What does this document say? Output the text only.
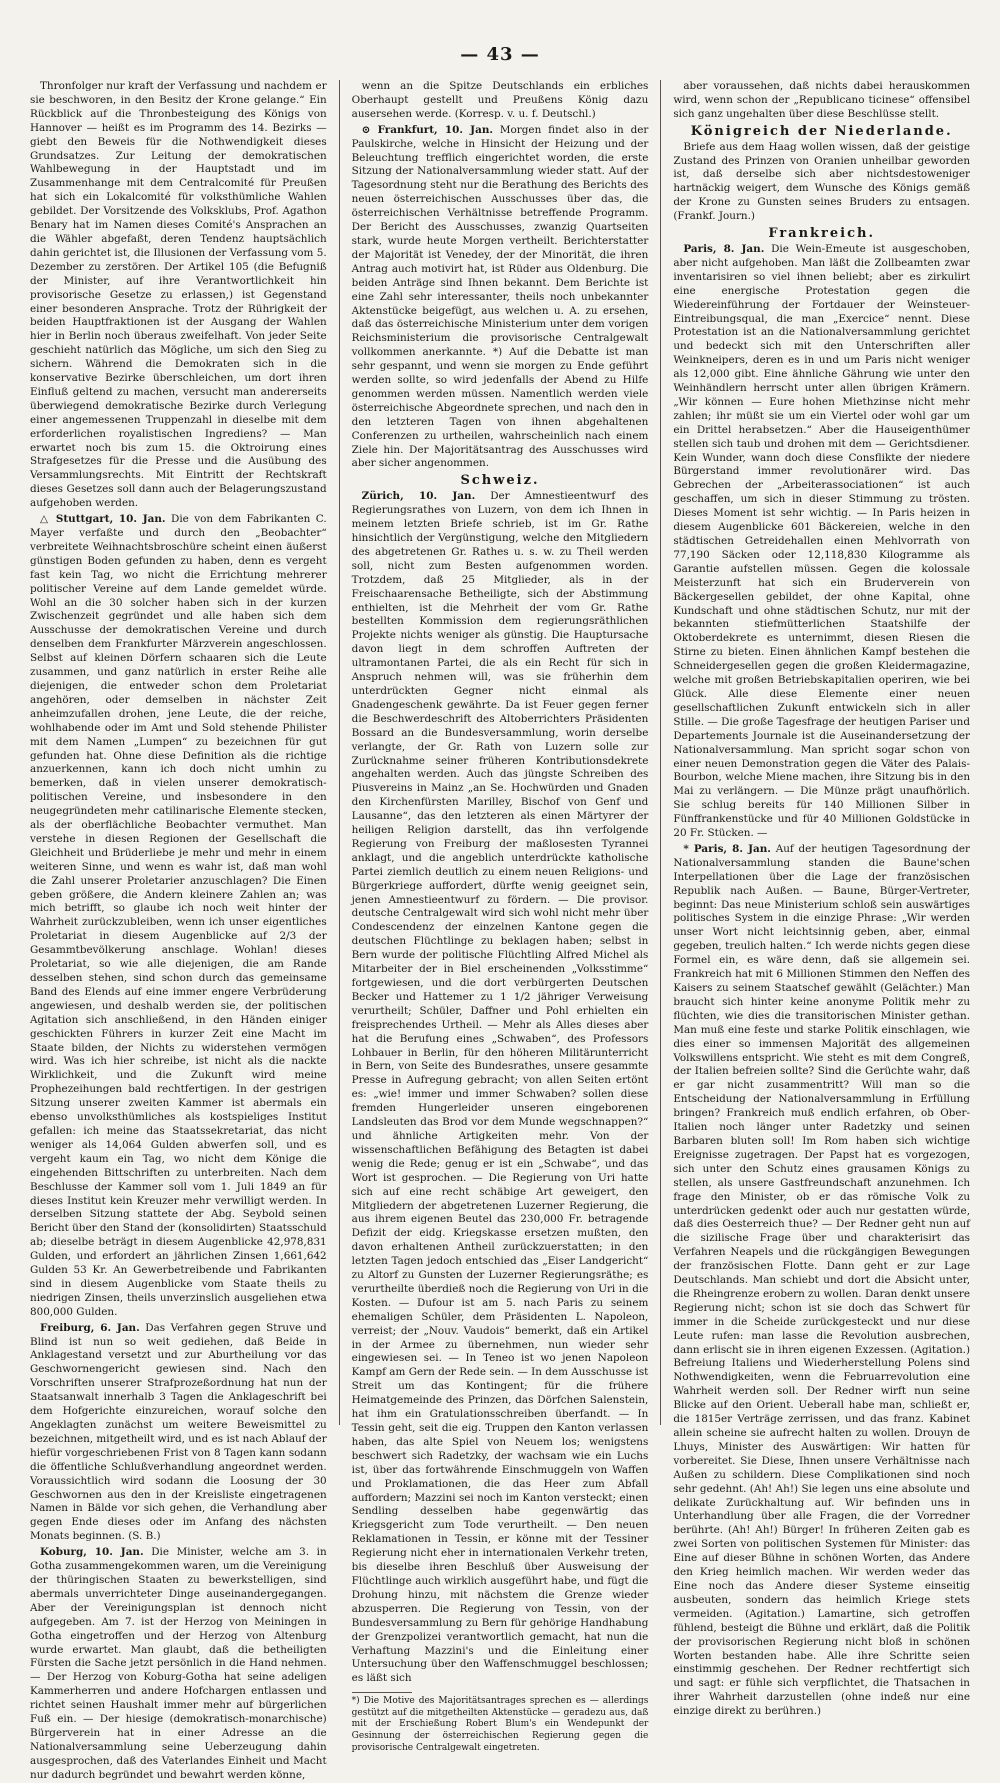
— 43 —

Thronfolger nur kraft der Verfassung und nachdem er sie beschworen, in den Besitz der Krone gelange.“ Ein Rückblick auf die Thronbesteigung des Königs von Hannover — heißt es im Programm des 14. Bezirks — giebt den Beweis für die Nothwendigkeit dieses Grundsatzes. Zur Leitung der demokratischen Wahlbewegung in der Hauptstadt und im Zusammenhange mit dem Centralcomité für Preußen hat sich ein Lokalcomité für volksthümliche Wahlen gebildet. Der Vorsitzende des Volksklubs, Prof. Agathon Benary hat im Namen dieses Comité's Ansprachen an die Wähler abgefaßt, deren Tendenz hauptsächlich dahin gerichtet ist, die Illusionen der Verfassung vom 5. Dezember zu zerstören. Der Artikel 105 (die Befugniß der Minister, auf ihre Verantwortlichkeit hin provisorische Gesetze zu erlassen,) ist Gegenstand einer besonderen Ansprache. Trotz der Rührigkeit der beiden Hauptfraktionen ist der Ausgang der Wahlen hier in Berlin noch überaus zweifelhaft. Von jeder Seite geschieht natürlich das Mögliche, um sich den Sieg zu sichern. Während die Demokraten sich in die konservative Bezirke überschleichen, um dort ihren Einfluß geltend zu machen, versucht man andererseits überwiegend demokratische Bezirke durch Verlegung einer angemessenen Truppenzahl in dieselbe mit dem erforderlichen royalistischen Ingrediens? — Man erwartet noch bis zum 15. die Oktroirung eines Strafgesetzes für die Presse und die Ausübung des Versammlungsrechts. Mit Eintritt der Rechtskraft dieses Gesetzes soll dann auch der Belagerungszustand aufgehoben werden.

△ Stuttgart, 10. Jan. Die von dem Fabrikanten C. Mayer verfaßte und durch den „Beobachter“ verbreitete Weihnachtsbroschüre scheint einen äußerst günstigen Boden gefunden zu haben, denn es vergeht fast kein Tag, wo nicht die Errichtung mehrerer politischer Vereine auf dem Lande gemeldet würde. Wohl an die 30 solcher haben sich in der kurzen Zwischenzeit gegründet und alle haben sich dem Ausschusse der demokratischen Vereine und durch denselben dem Frankfurter Märzverein angeschlossen. Selbst auf kleinen Dörfern schaaren sich die Leute zusammen, und ganz natürlich in erster Reihe alle diejenigen, die entweder schon dem Proletariat angehören, oder demselben in nächster Zeit anheimzufallen drohen, jene Leute, die der reiche, wohlhabende oder im Amt und Sold stehende Philister mit dem Namen „Lumpen“ zu bezeichnen für gut gefunden hat. Ohne diese Definition als die richtige anzuerkennen, kann ich doch nicht umhin zu bemerken, daß in vielen unserer demokratisch-politischen Vereine, und insbesondere in den neugegründeten mehr catilinarische Elemente stecken, als der oberflächliche Beobachter vermuthet. Man verstehe in diesen Regionen der Gesellschaft die Gleichheit und Brüderliebe je mehr und mehr in einem weiteren Sinne, und wenn es wahr ist, daß man wohl die Zahl unserer Proletarier anzuschlagen? Die Einen geben größere, die Andern kleinere Zahlen an; was mich betrifft, so glaube ich noch weit hinter der Wahrheit zurückzubleiben, wenn ich unser eigentliches Proletariat in diesem Augenblicke auf 2/3 der Gesammtbevölkerung anschlage. Wohlan! dieses Proletariat, so wie alle diejenigen, die am Rande desselben stehen, sind schon durch das gemeinsame Band des Elends auf eine immer engere Verbrüderung angewiesen, und deshalb werden sie, der politischen Agitation sich anschließend, in den Händen einiger geschickten Führers in kurzer Zeit eine Macht im Staate bilden, der Nichts zu widerstehen vermögen wird. Was ich hier schreibe, ist nicht als die nackte Wirklichkeit, und die Zukunft wird meine Prophezeihungen bald rechtfertigen. In der gestrigen Sitzung unserer zweiten Kammer ist abermals ein ebenso unvolksthümliches als kostspieliges Institut gefallen: ich meine das Staatssekretariat, das nicht weniger als 14,064 Gulden abwerfen soll, und es vergeht kaum ein Tag, wo nicht dem Könige die eingehenden Bittschriften zu unterbreiten. Nach dem Beschlusse der Kammer soll vom 1. Juli 1849 an für dieses Institut kein Kreuzer mehr verwilligt werden. In derselben Sitzung stattete der Abg. Seybold seinen Bericht über den Stand der (konsolidirten) Staatsschuld ab; dieselbe beträgt in diesem Augenblicke 42,978,831 Gulden, und erfordert an jährlichen Zinsen 1,661,642 Gulden 53 Kr. An Gewerbetreibende und Fabrikanten sind in diesem Augenblicke vom Staate theils zu niedrigen Zinsen, theils unverzinslich ausgeliehen etwa 800,000 Gulden.

Freiburg, 6. Jan. Das Verfahren gegen Struve und Blind ist nun so weit gediehen, daß Beide in Anklagestand versetzt und zur Aburtheilung vor das Geschwornengericht gewiesen sind. Nach den Vorschriften unserer Strafprozeßordnung hat nun der Staatsanwalt innerhalb 3 Tagen die Anklageschrift bei dem Hofgerichte einzureichen, worauf solche den Angeklagten zunächst um weitere Beweismittel zu bezeichnen, mitgetheilt wird, und es ist nach Ablauf der hiefür vorgeschriebenen Frist von 8 Tagen kann sodann die öffentliche Schlußverhandlung angeordnet werden. Voraussichtlich wird sodann die Loosung der 30 Geschwornen aus den in der Kreisliste eingetragenen Namen in Bälde vor sich gehen, die Verhandlung aber gegen Ende dieses oder im Anfang des nächsten Monats beginnen. (S. B.)

Koburg, 10. Jan. Die Minister, welche am 3. in Gotha zusammengekommen waren, um die Vereinigung der thüringischen Staaten zu bewerkstelligen, sind abermals unverrichteter Dinge auseinandergegangen. Aber der Vereinigungsplan ist dennoch nicht aufgegeben. Am 7. ist der Herzog von Meiningen in Gotha eingetroffen und der Herzog von Altenburg wurde erwartet. Man glaubt, daß die betheiligten Fürsten die Sache jetzt persönlich in die Hand nehmen. — Der Herzog von Koburg-Gotha hat seine adeligen Kammerherren und andere Hofchargen entlassen und richtet seinen Haushalt immer mehr auf bürgerlichen Fuß ein. — Der hiesige (demokratisch-monarchische) Bürgerverein hat in einer Adresse an die Nationalversammlung seine Ueberzeugung dahin ausgesprochen, daß des Vaterlandes Einheit und Macht nur dadurch begründet und bewahrt werden könne,

wenn an die Spitze Deutschlands ein erbliches Oberhaupt gestellt und Preußens König dazu ausersehen werde. (Korresp. v. u. f. Deutschl.)

⊙ Frankfurt, 10. Jan. Morgen findet also in der Paulskirche, welche in Hinsicht der Heizung und der Beleuchtung trefflich eingerichtet worden, die erste Sitzung der Nationalversammlung wieder statt. Auf der Tagesordnung steht nur die Berathung des Berichts des neuen österreichischen Ausschusses über das, die österreichischen Verhältnisse betreffende Programm. Der Bericht des Ausschusses, zwanzig Quartseiten stark, wurde heute Morgen vertheilt. Berichterstatter der Majorität ist Venedey, der der Minorität, die ihren Antrag auch motivirt hat, ist Rüder aus Oldenburg. Die beiden Anträge sind Ihnen bekannt. Dem Berichte ist eine Zahl sehr interessanter, theils noch unbekannter Aktenstücke beigefügt, aus welchen u. A. zu ersehen, daß das österreichische Ministerium unter dem vorigen Reichsministerium die provisorische Centralgewalt vollkommen anerkannte. *) Auf die Debatte ist man sehr gespannt, und wenn sie morgen zu Ende geführt werden sollte, so wird jedenfalls der Abend zu Hilfe genommen werden müssen. Namentlich werden viele österreichische Abgeordnete sprechen, und nach den in den letzteren Tagen von ihnen abgehaltenen Conferenzen zu urtheilen, wahrscheinlich nach einem Ziele hin. Der Majoritätsantrag des Ausschusses wird aber sicher angenommen.

Schweiz.

Zürich, 10. Jan. Der Amnestieentwurf des Regierungsrathes von Luzern, von dem ich Ihnen in meinem letzten Briefe schrieb, ist im Gr. Rathe hinsichtlich der Vergünstigung, welche den Mitgliedern des abgetretenen Gr. Rathes u. s. w. zu Theil werden soll, nicht zum Besten aufgenommen worden. Trotzdem, daß 25 Mitglieder, als in der Freischaarensache Betheiligte, sich der Abstimmung enthielten, ist die Mehrheit der vom Gr. Rathe bestellten Kommission dem regierungsräthlichen Projekte nichts weniger als günstig. Die Hauptursache davon liegt in dem schroffen Auftreten der ultramontanen Partei, die als ein Recht für sich in Anspruch nehmen will, was sie früherhin dem unterdrückten Gegner nicht einmal als Gnadengeschenk gewährte. Da ist Feuer gegen ferner die Beschwerdeschrift des Altoberrichters Präsidenten Bossard an die Bundesversammlung, worin derselbe verlangte, der Gr. Rath von Luzern solle zur Zurücknahme seiner früheren Kontributionsdekrete angehalten werden. Auch das jüngste Schreiben des Piusvereins in Mainz „an Se. Hochwürden und Gnaden den Kirchenfürsten Marilley, Bischof von Genf und Lausanne“, das den letzteren als einen Märtyrer der heiligen Religion darstellt, das ihn verfolgende Regierung von Freiburg der maßlosesten Tyrannei anklagt, und die angeblich unterdrückte katholische Partei ziemlich deutlich zu einem neuen Religions- und Bürgerkriege auffordert, dürfte wenig geeignet sein, jenen Amnestieentwurf zu fördern. — Die provisor. deutsche Centralgewalt wird sich wohl nicht mehr über Condescendenz der einzelnen Kantone gegen die deutschen Flüchtlinge zu beklagen haben; selbst in Bern wurde der politische Flüchtling Alfred Michel als Mitarbeiter der in Biel erscheinenden „Volksstimme“ fortgewiesen, und die dort verbürgerten Deutschen Becker und Hattemer zu 1 1/2 jähriger Verweisung verurtheilt; Schüler, Daffner und Pohl erhielten ein freisprechendes Urtheil. — Mehr als Alles dieses aber hat die Berufung eines „Schwaben“, des Professors Lohbauer in Berlin, für den höheren Militärunterricht in Bern, von Seite des Bundesrathes, unsere gesammte Presse in Aufregung gebracht; von allen Seiten ertönt es: „wie! immer und immer Schwaben? sollen diese fremden Hungerleider unseren eingeborenen Landsleuten das Brod vor dem Munde wegschnappen?“ und ähnliche Artigkeiten mehr. Von der wissenschaftlichen Befähigung des Betagten ist dabei wenig die Rede; genug er ist ein „Schwabe“, und das Wort ist gesprochen. — Die Regierung von Uri hatte sich auf eine recht schäbige Art geweigert, den Mitgliedern der abgetretenen Luzerner Regierung, die aus ihrem eigenen Beutel das 230,000 Fr. betragende Defizit der eidg. Kriegskasse ersetzen mußten, den davon erhaltenen Antheil zurückzuerstatten; in den letzten Tagen jedoch entschied das „Eiser Landgericht“ zu Altorf zu Gunsten der Luzerner Regierungsräthe; es verurtheilte überdieß noch die Regierung von Uri in die Kosten. — Dufour ist am 5. nach Paris zu seinem ehemaligen Schüler, dem Präsidenten L. Napoleon, verreist; der „Nouv. Vaudois“ bemerkt, daß ein Artikel in der Armee zu übernehmen, nun wieder sehr eingewiesen sei. — In Teneo ist wo jenen Napoleon Kampf am Gern der Rede sein. — In dem Ausschusse ist Streit um das Kontingent; für die frühere Heimatgemeinde des Prinzen, das Dörfchen Salenstein, hat ihm ein Gratulationsschreiben überfandt. — In Tessin geht, seit die eig. Truppen den Kanton verlassen haben, das alte Spiel von Neuem los; wenigstens beschwert sich Radetzky, der wachsam wie ein Luchs ist, über das fortwährende Einschmuggeln von Waffen und Proklamationen, die das Heer zum Abfall auffordern; Mazzini sei noch im Kanton versteckt; einen Sendling desselben habe gegenwärtig das Kriegsgericht zum Tode verurtheilt. — Den neuen Reklamationen in Tessin, er könne mit der Tessiner Regierung nicht eher in internationalen Verkehr treten, bis dieselbe ihren Beschluß über Ausweisung der Flüchtlinge auch wirklich ausgeführt habe, und fügt die Drohung hinzu, mit nächstem die Grenze wieder abzusperren. Die Regierung von Tessin, von der Bundesversammlung zu Bern für gehörige Handhabung der Grenzpolizei verantwortlich gemacht, hat nun die Verhaftung Mazzini's und die Einleitung einer Untersuchung über den Waffenschmuggel beschlossen; es läßt sich

*) Die Motive des Majoritätsantrages sprechen es — allerdings gestützt auf die mitgetheilten Aktenstücke — geradezu aus, daß mit der Erschießung Robert Blum's ein Wendepunkt der Gesinnung der österreichischen Regierung gegen die provisorische Centralgewalt eingetreten.

aber voraussehen, daß nichts dabei herauskommen wird, wenn schon der „Republicano ticinese“ offensibel sich ganz ungehalten über diese Beschlüsse stellt.

Königreich der Niederlande.

Briefe aus dem Haag wollen wissen, daß der geistige Zustand des Prinzen von Oranien unheilbar geworden ist, daß derselbe sich aber nichtsdestoweniger hartnäckig weigert, dem Wunsche des Königs gemäß der Krone zu Gunsten seines Bruders zu entsagen. (Frankf. Journ.)

Frankreich.

Paris, 8. Jan. Die Wein-Emeute ist ausgeschoben, aber nicht aufgehoben. Man läßt die Zollbeamten zwar inventarisiren so viel ihnen beliebt; aber es zirkulirt eine energische Protestation gegen die Wiedereinführung der Fortdauer der Weinsteuer-Eintreibungsqual, die man „Exercice“ nennt. Diese Protestation ist an die Nationalversammlung gerichtet und bedeckt sich mit den Unterschriften aller Weinkneipers, deren es in und um Paris nicht weniger als 12,000 gibt. Eine ähnliche Gährung wie unter den Weinhändlern herrscht unter allen übrigen Krämern. „Wir können — Eure hohen Miethzinse nicht mehr zahlen; ihr müßt sie um ein Viertel oder wohl gar um ein Drittel herabsetzen.“ Aber die Hauseigenthümer stellen sich taub und drohen mit dem — Gerichtsdiener. Kein Wunder, wann doch diese Consflikte der niedere Bürgerstand immer revolutionärer wird. Das Gebrechen der „Arbeiterassociationen“ ist auch geschaffen, um sich in dieser Stimmung zu trösten. Dieses Moment ist sehr wichtig. — In Paris heizen in diesem Augenblicke 601 Bäckereien, welche in den städtischen Getreidehallen einen Mehlvorrath von 77,190 Säcken oder 12,118,830 Kilogramme als Garantie aufstellen müssen. Gegen die kolossale Meisterzunft hat sich ein Bruderverein von Bäckergesellen gebildet, der ohne Kapital, ohne Kundschaft und ohne städtischen Schutz, nur mit der bekannten stiefmütterlichen Staatshilfe der Oktoberdekrete es unternimmt, diesen Riesen die Stirne zu bieten. Einen ähnlichen Kampf bestehen die Schneidergesellen gegen die großen Kleidermagazine, welche mit großen Betriebskapitalien operiren, wie bei Glück. Alle diese Elemente einer neuen gesellschaftlichen Zukunft entwickeln sich in aller Stille. — Die große Tagesfrage der heutigen Pariser und Departements Journale ist die Auseinandersetzung der Nationalversammlung. Man spricht sogar schon von einer neuen Demonstration gegen die Väter des Palais-Bourbon, welche Miene machen, ihre Sitzung bis in den Mai zu verlängern. — Die Münze prägt unaufhörlich. Sie schlug bereits für 140 Millionen Silber in Fünffrankenstücke und für 40 Millionen Goldstücke in 20 Fr. Stücken. —

* Paris, 8. Jan. Auf der heutigen Tagesordnung der Nationalversammlung standen die Baune'schen Interpellationen über die Lage der französischen Republik nach Außen. — Baune, Bürger-Vertreter, beginnt: Das neue Ministerium schloß sein auswärtiges politisches System in die einzige Phrase: „Wir werden unser Wort nicht leichtsinnig geben, aber, einmal gegeben, treulich halten.“ Ich werde nichts gegen diese Formel ein, es wäre denn, daß sie allgemein sei. Frankreich hat mit 6 Millionen Stimmen den Neffen des Kaisers zu seinem Staatschef gewählt (Gelächter.) Man braucht sich hinter keine anonyme Politik mehr zu flüchten, wie dies die transitorischen Minister gethan. Man muß eine feste und starke Politik einschlagen, wie dies einer so immensen Majorität des allgemeinen Volkswillens entspricht. Wie steht es mit dem Congreß, der Italien befreien sollte? Sind die Gerüchte wahr, daß er gar nicht zusammentritt? Will man so die Entscheidung der Nationalversammlung in Erfüllung bringen? Frankreich muß endlich erfahren, ob Ober-Italien noch länger unter Radetzky und seinen Barbaren bluten soll! Im Rom haben sich wichtige Ereignisse zugetragen. Der Papst hat es vorgezogen, sich unter den Schutz eines grausamen Königs zu stellen, als unsere Gastfreundschaft anzunehmen. Ich frage den Minister, ob er das römische Volk zu unterdrücken gedenkt oder auch nur gestatten würde, daß dies Oesterreich thue? — Der Redner geht nun auf die sizilische Frage über und charakterisirt das Verfahren Neapels und die rückgängigen Bewegungen der französischen Flotte. Dann geht er zur Lage Deutschlands. Man schiebt und dort die Absicht unter, die Rheingrenze erobern zu wollen. Daran denkt unsere Regierung nicht; schon ist sie doch das Schwert für immer in die Scheide zurückgesteckt und nur diese Leute rufen: man lasse die Revolution ausbrechen, dann erlischt sie in ihren eigenen Exzessen. (Agitation.) Befreiung Italiens und Wiederherstellung Polens sind Nothwendigkeiten, wenn die Februarrevolution eine Wahrheit werden soll. Der Redner wirft nun seine Blicke auf den Orient. Ueberall habe man, schließt er, die 1815er Verträge zerrissen, und das franz. Kabinet allein scheine sie aufrecht halten zu wollen. Drouyn de Lhuys, Minister des Auswärtigen: Wir hatten für vorbereitet. Sie Diese, Ihnen unsere Verhältnisse nach Außen zu schildern. Diese Complikationen sind noch sehr gedehnt. (Ah! Ah!) Sie legen uns eine absolute und delikate Zurückhaltung auf. Wir befinden uns in Unterhandlung über alle Fragen, die der Vorredner berührte. (Ah! Ah!) Bürger! In früheren Zeiten gab es zwei Sorten von politischen Systemen für Minister: das Eine auf dieser Bühne in schönen Worten, das Andere den Krieg heimlich machen. Wir werden weder das Eine noch das Andere dieser Systeme einseitig ausbeuten, sondern das heimlich Kriege stets vermeiden. (Agitation.) Lamartine, sich getroffen fühlend, besteigt die Bühne und erklärt, daß die Politik der provisorischen Regierung nicht bloß in schönen Worten bestanden habe. Alle ihre Schritte seien einstimmig geschehen. Der Redner rechtfertigt sich und sagt: er fühle sich verpflichtet, die Thatsachen in ihrer Wahrheit darzustellen (ohne indeß nur eine einzige direkt zu berühren.)
